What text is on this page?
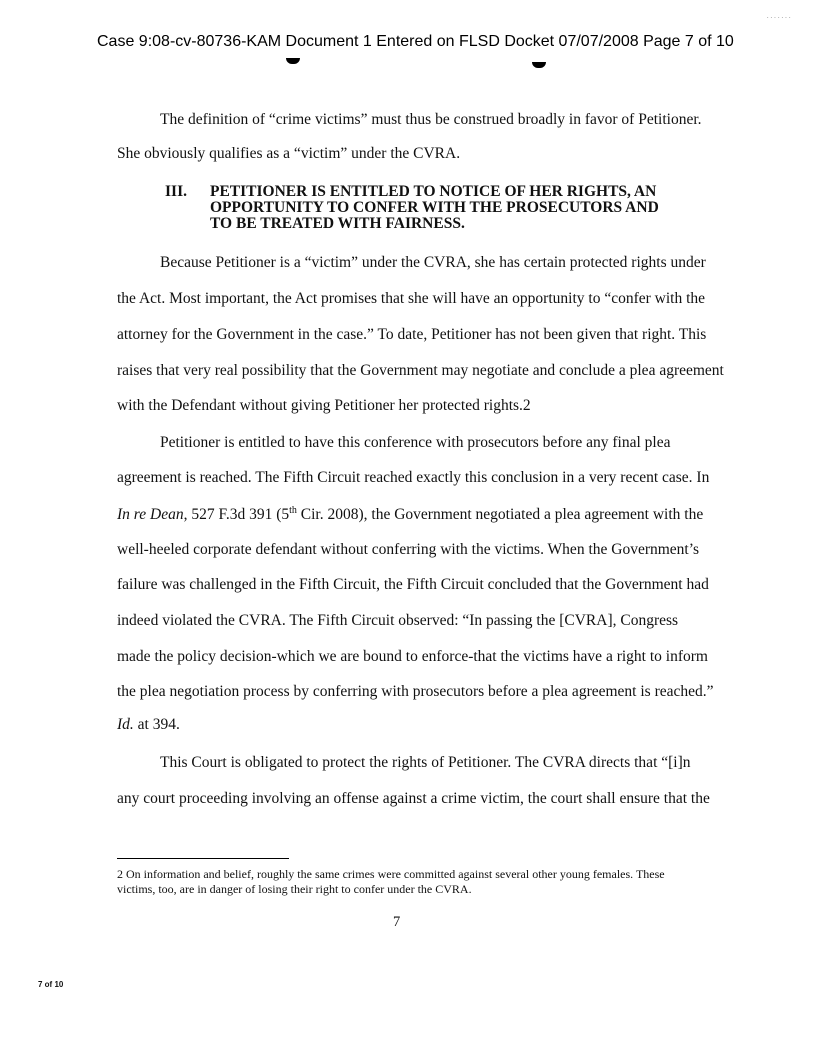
Case 9:08-cv-80736-KAM Document 1 Entered on FLSD Docket 07/07/2008 Page 7 of 10
·······
The definition of “crime victims” must thus be construed broadly in favor of Petitioner.
She obviously qualifies as a “victim” under the CVRA.
III. PETITIONER IS ENTITLED TO NOTICE OF HER RIGHTS, AN
OPPORTUNITY TO CONFER WITH THE PROSECUTORS AND
TO BE TREATED WITH FAIRNESS.
Because Petitioner is a “victim” under the CVRA, she has certain protected rights under
the Act. Most important, the Act promises that she will have an opportunity to “confer with the
attorney for the Government in the case.” To date, Petitioner has not been given that right. This
raises that very real possibility that the Government may negotiate and conclude a plea agreement
with the Defendant without giving Petitioner her protected rights.2
Petitioner is entitled to have this conference with prosecutors before any final plea
agreement is reached. The Fifth Circuit reached exactly this conclusion in a very recent case. In
In re Dean, 527 F.3d 391 (5th Cir. 2008), the Government negotiated a plea agreement with the
well-heeled corporate defendant without conferring with the victims. When the Government’s
failure was challenged in the Fifth Circuit, the Fifth Circuit concluded that the Government had
indeed violated the CVRA. The Fifth Circuit observed: “In passing the [CVRA], Congress
made the policy decision-which we are bound to enforce-that the victims have a right to inform
the plea negotiation process by conferring with prosecutors before a plea agreement is reached.”
Id. at 394.
This Court is obligated to protect the rights of Petitioner. The CVRA directs that “[i]n
any court proceeding involving an offense against a crime victim, the court shall ensure that the
2 On information and belief, roughly the same crimes were committed against several other young females. These
victims, too, are in danger of losing their right to confer under the CVRA.
7
7 of 10
